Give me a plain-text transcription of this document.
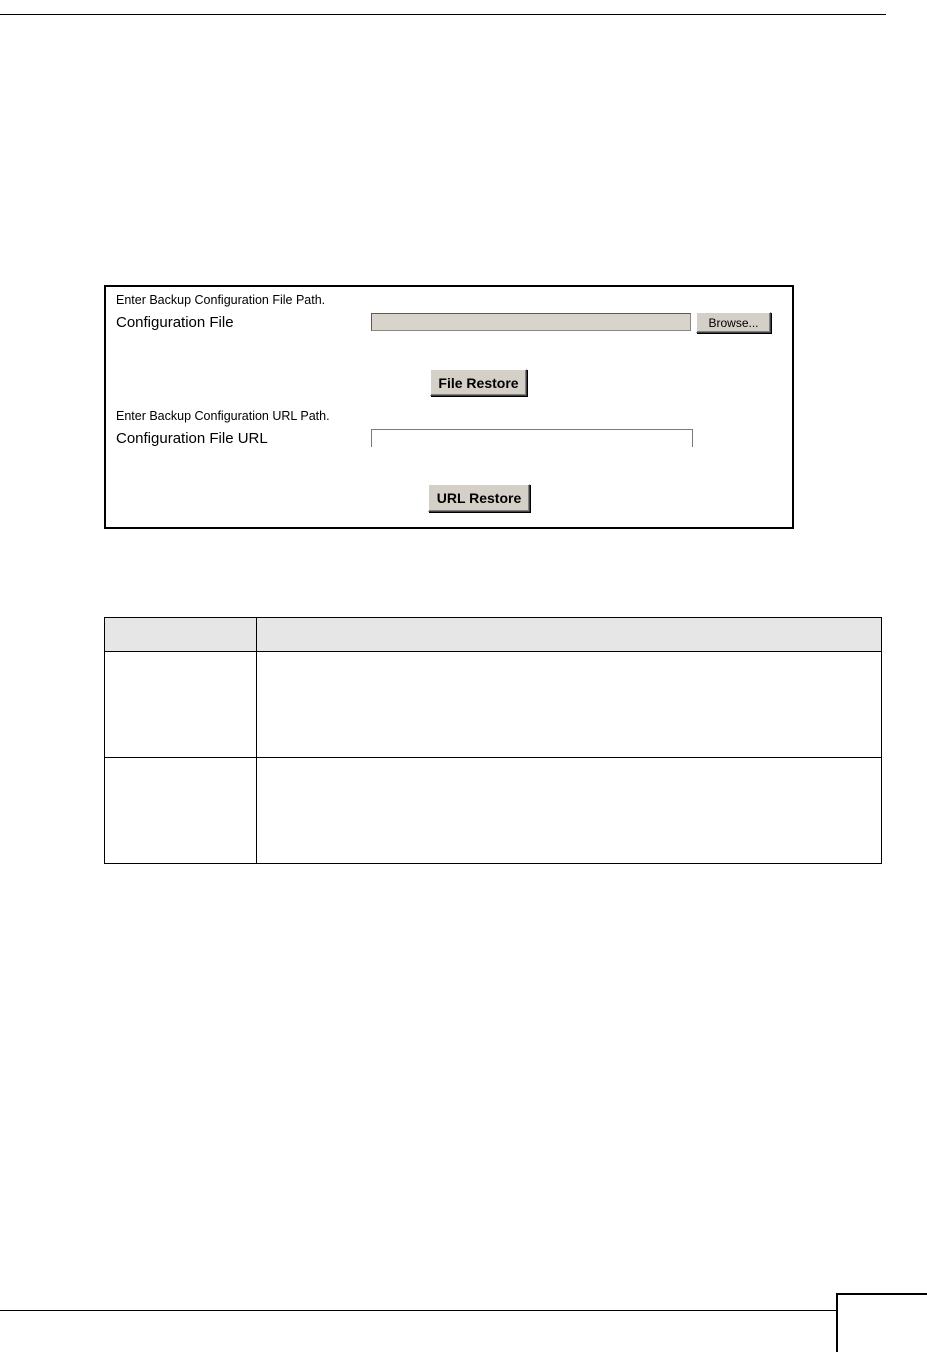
Enter Backup Configuration File Path.
Configuration File	Browse...
File Restore
Enter Backup Configuration URL Path.
Configuration File URL
URL Restore
